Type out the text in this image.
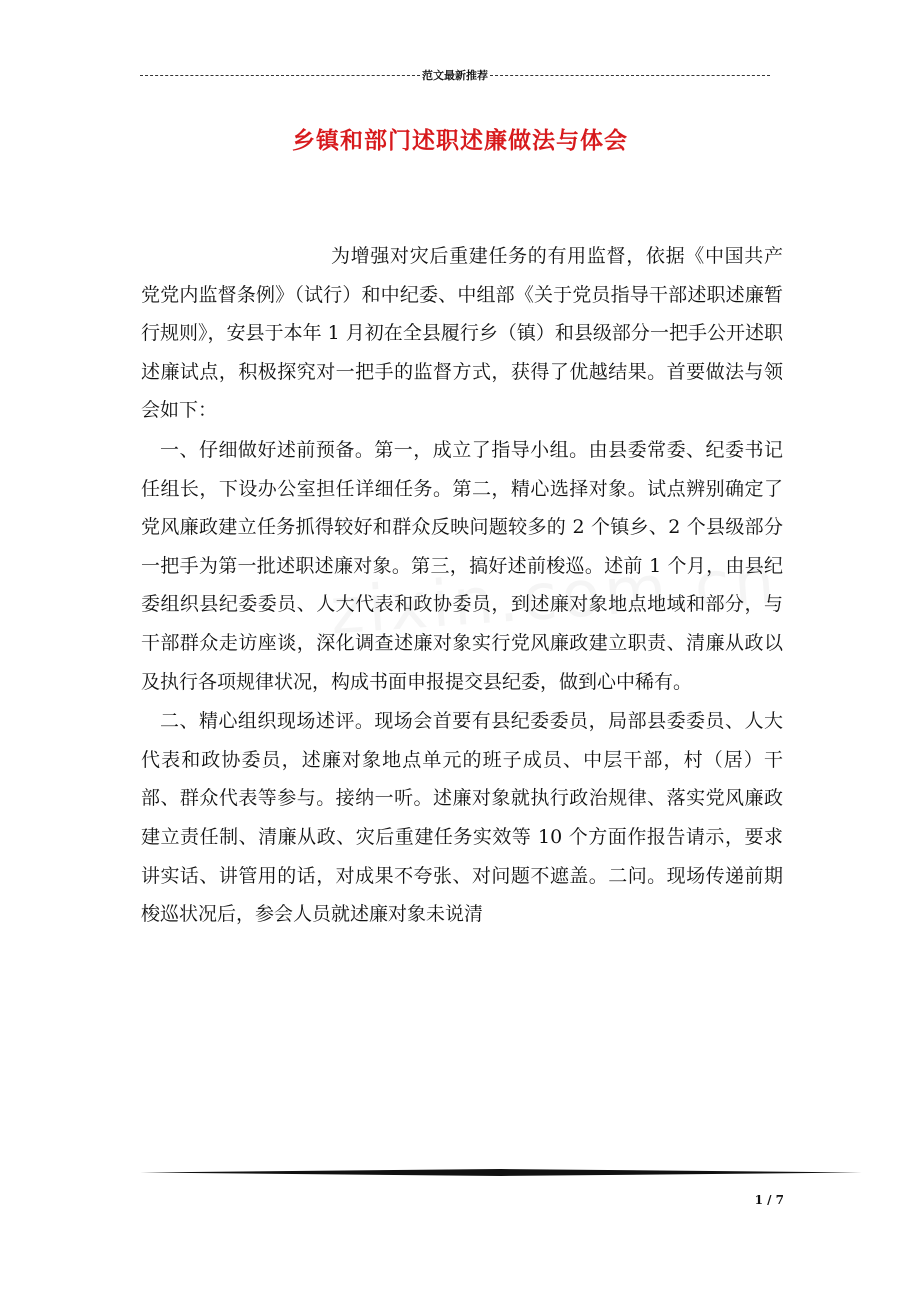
范文最新推荐
乡镇和部门述职述廉做法与体会

为增强对灾后重建任务的有用监督，依据《中国共产党党内监督条例》（试行）和中纪委、中组部《关于党员指导干部述职述廉暂行规则》，安县于本年 1 月初在全县履行乡（镇）和县级部分一把手公开述职述廉试点，积极探究对一把手的监督方式，获得了优越结果。首要做法与领会如下：

一、仔细做好述前预备。第一，成立了指导小组。由县委常委、纪委书记任组长，下设办公室担任详细任务。第二，精心选择对象。试点辨别确定了党风廉政建立任务抓得较好和群众反映问题较多的 2 个镇乡、2 个县级部分一把手为第一批述职述廉对象。第三，搞好述前梭巡。述前 1 个月，由县纪委组织县纪委委员、人大代表和政协委员，到述廉对象地点地域和部分，与干部群众走访座谈，深化调查述廉对象实行党风廉政建立职责、清廉从政以及执行各项规律状况，构成书面申报提交县纪委，做到心中稀有。

二、精心组织现场述评。现场会首要有县纪委委员，局部县委委员、人大代表和政协委员，述廉对象地点单元的班子成员、中层干部，村（居）干部、群众代表等参与。接纳一听。述廉对象就执行政治规律、落实党风廉政建立责任制、清廉从政、灾后重建任务实效等 10 个方面作报告请示，要求讲实话、讲管用的话，对成果不夸张、对问题不遮盖。二问。现场传递前期梭巡状况后，参会人员就述廉对象未说清

1 / 7
